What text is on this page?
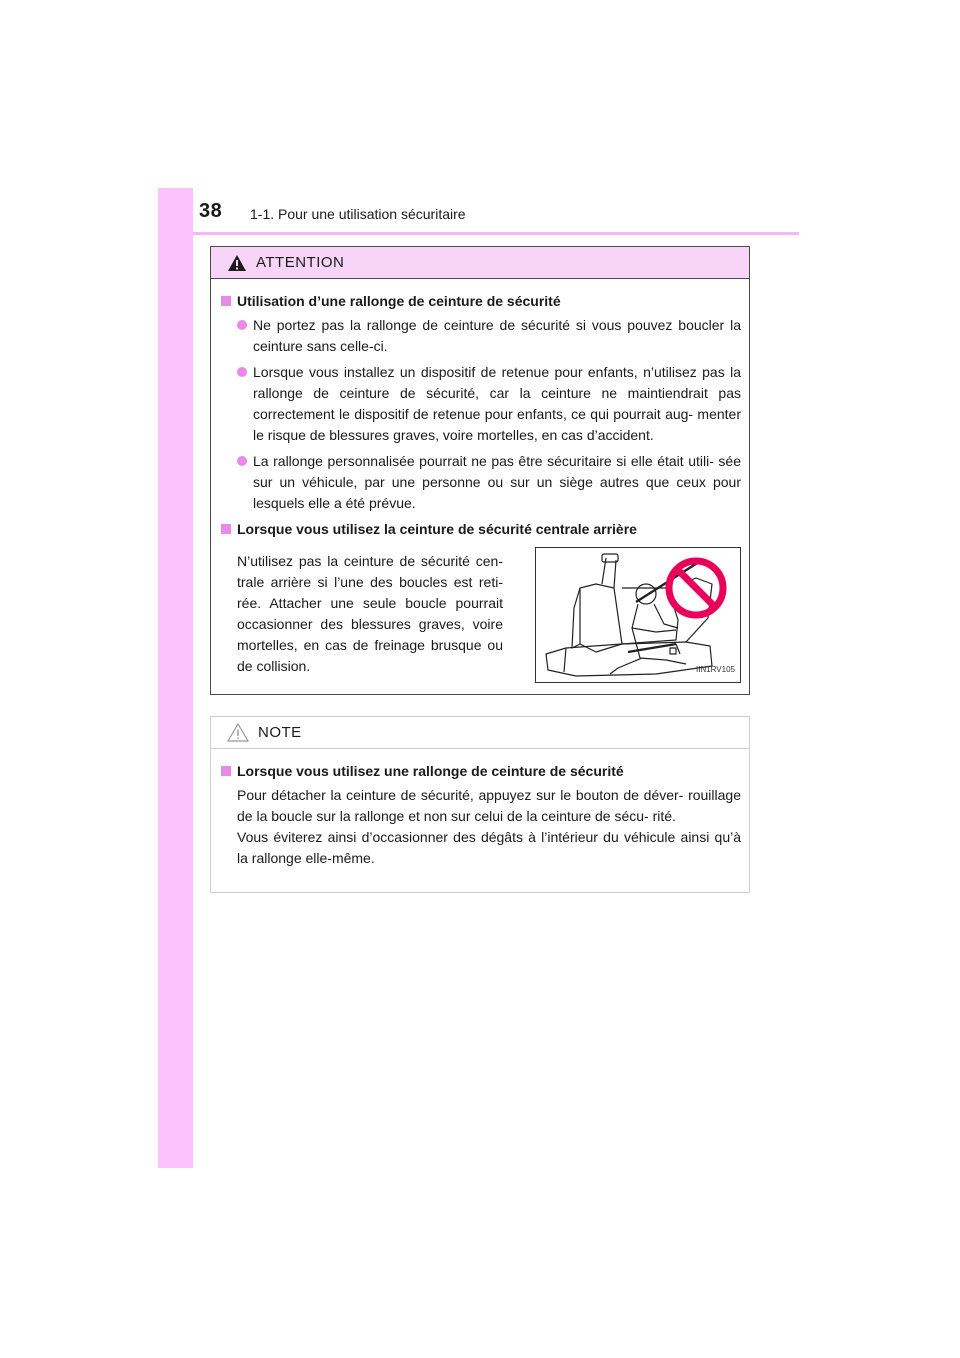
38 1-1. Pour une utilisation sécuritaire
ATTENTION
Utilisation d’une rallonge de ceinture de sécurité
Ne portez pas la rallonge de ceinture de sécurité si vous pouvez boucler la ceinture sans celle-ci.
Lorsque vous installez un dispositif de retenue pour enfants, n’utilisez pas la rallonge de ceinture de sécurité, car la ceinture ne maintiendrait pas correctement le dispositif de retenue pour enfants, ce qui pourrait aug- menter le risque de blessures graves, voire mortelles, en cas d’accident.
La rallonge personnalisée pourrait ne pas être sécuritaire si elle était utili- sée sur un véhicule, par une personne ou sur un siège autres que ceux pour lesquels elle a été prévue.
Lorsque vous utilisez la ceinture de sécurité centrale arrière
N’utilisez pas la ceinture de sécurité cen- trale arrière si l’une des boucles est reti- rée. Attacher une seule boucle pourrait occasionner des blessures graves, voire mortelles, en cas de freinage brusque ou de collision.	IIN1RV105
NOTE
Lorsque vous utilisez une rallonge de ceinture de sécurité
Pour détacher la ceinture de sécurité, appuyez sur le bouton de déver- rouillage de la boucle sur la rallonge et non sur celui de la ceinture de sécu- rité.
Vous éviterez ainsi d’occasionner des dégâts à l’intérieur du véhicule ainsi qu’à la rallonge elle-même.
